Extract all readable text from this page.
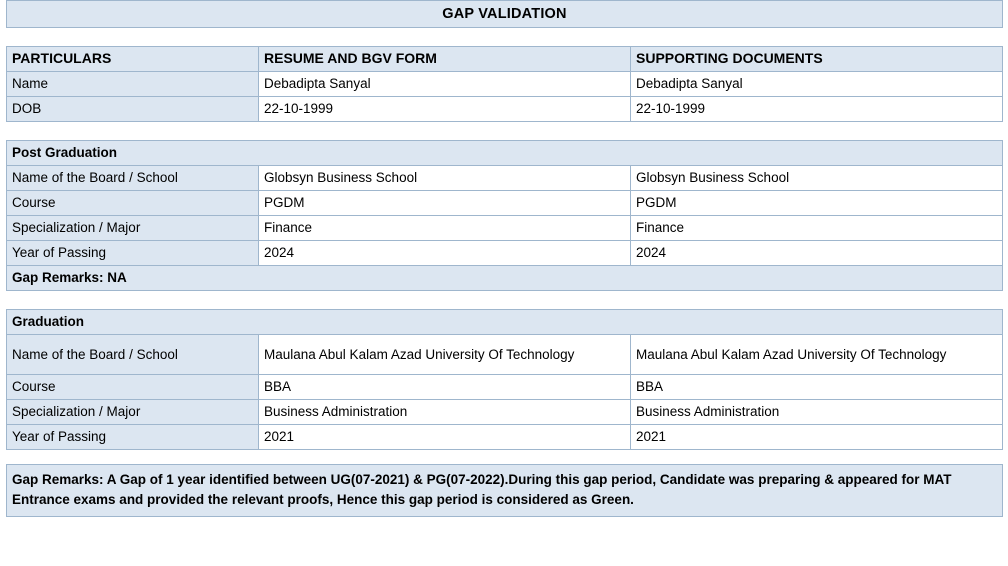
GAP VALIDATION
PARTICULARS	RESUME AND BGV FORM	SUPPORTING DOCUMENTS
Name	Debadipta Sanyal	Debadipta Sanyal
DOB	22-10-1999	22-10-1999
Post Graduation		
Name of the Board / School	Globsyn Business School	Globsyn Business School
Course	PGDM	PGDM
Specialization / Major	Finance	Finance
Year of Passing	2024	2024
Gap Remarks: NA		
Graduation		
Name of the Board / School	Maulana Abul Kalam Azad University Of Technology	Maulana Abul Kalam Azad University Of Technology
Course	BBA	BBA
Specialization / Major	Business Administration	Business Administration
Year of Passing	2021	2021
Gap Remarks: A Gap of 1 year identified between UG(07-2021) & PG(07-2022).During this gap period, Candidate was preparing & appeared for MAT Entrance exams and provided the relevant proofs, Hence this gap period is considered as Green.
